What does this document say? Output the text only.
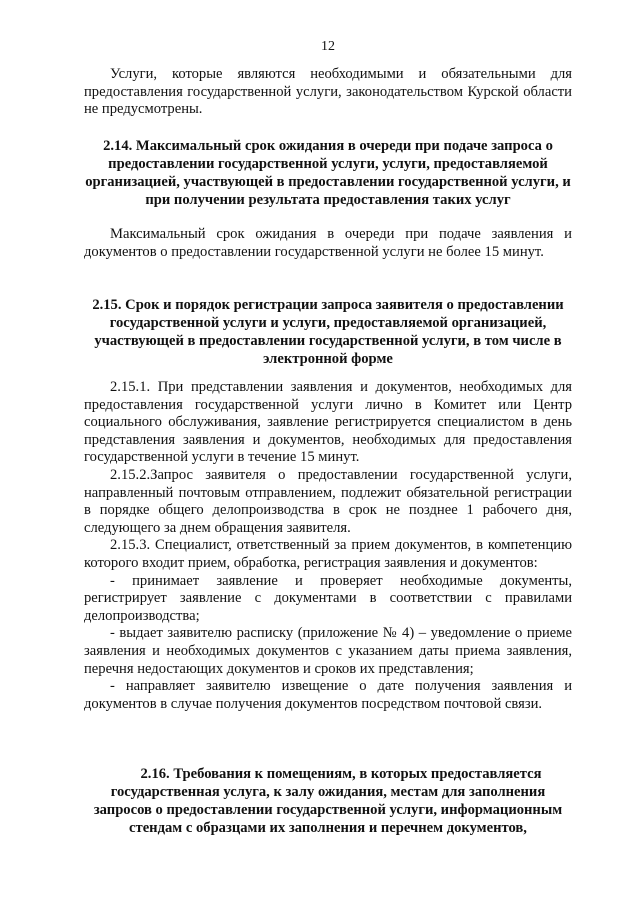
12

Услуги, которые являются необходимыми и обязательными для предоставления государственной услуги, законодательством Курской области не предусмотрены.

2.14. Максимальный срок ожидания в очереди при подаче запроса о предоставлении государственной услуги, услуги, предоставляемой организацией, участвующей в предоставлении государственной услуги, и при получении результата предоставления таких услуг

Максимальный срок ожидания в очереди при подаче заявления и документов о предоставлении государственной услуги не более 15 минут.

2.15. Срок и порядок регистрации запроса заявителя о предоставлении государственной услуги и услуги, предоставляемой организацией, участвующей в предоставлении государственной услуги, в том числе в электронной форме

2.15.1. При представлении заявления и документов, необходимых для предоставления государственной услуги лично в Комитет или Центр социального обслуживания, заявление регистрируется специалистом в день представления заявления и документов, необходимых для предоставления государственной услуги в течение 15 минут.

2.15.2.Запрос заявителя о предоставлении государственной услуги, направленный почтовым отправлением, подлежит обязательной регистрации в порядке общего делопроизводства в срок не позднее 1 рабочего дня, следующего за днем обращения заявителя.

2.15.3. Специалист, ответственный за прием документов, в компетенцию которого входит прием, обработка, регистрация заявления и документов:

- принимает заявление и проверяет необходимые документы, регистрирует заявление с документами в соответствии с правилами делопроизводства;

- выдает заявителю расписку (приложение № 4) – уведомление о приеме заявления и необходимых документов с указанием даты приема заявления, перечня недостающих документов и сроков их представления;

- направляет заявителю извещение о дате получения заявления и документов в случае получения документов посредством почтовой связи.

2.16. Требования к помещениям, в которых предоставляется государственная услуга, к залу ожидания, местам для заполнения запросов о предоставлении государственной услуги, информационным стендам с образцами их заполнения и перечнем документов,
